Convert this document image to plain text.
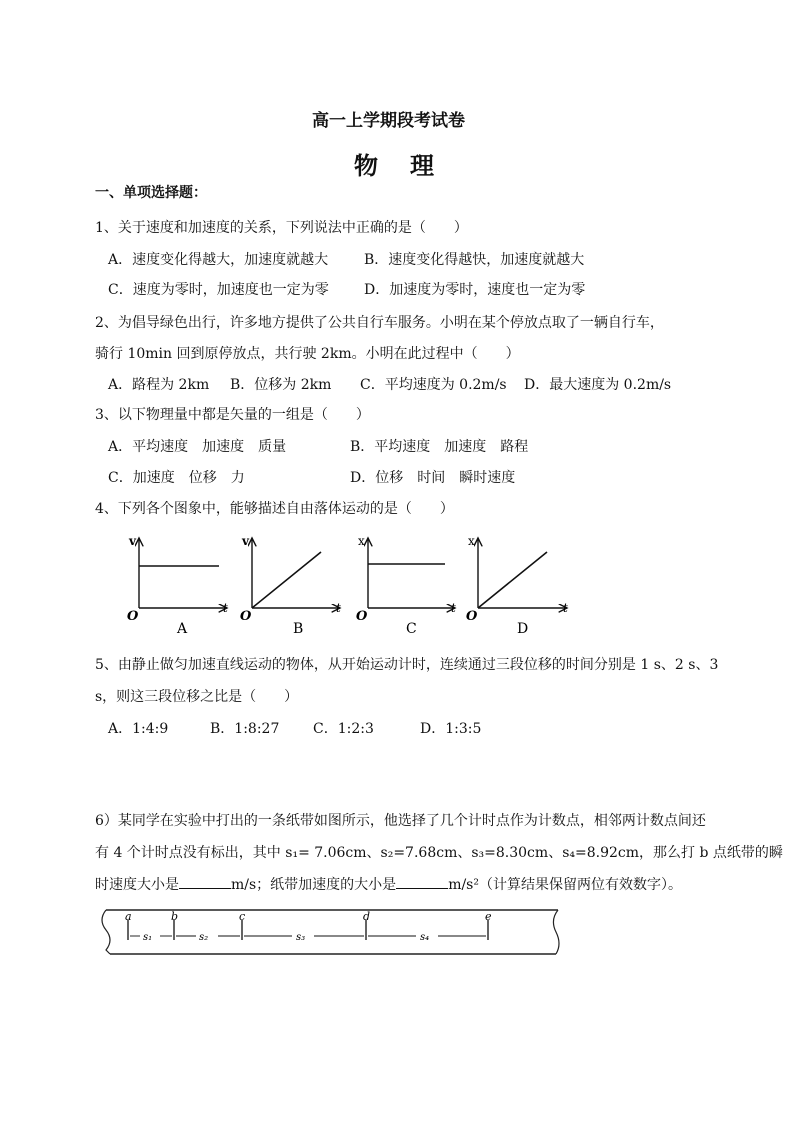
高一上学期段考试卷
物　理
一、单项选择题：
1、关于速度和加速度的关系，下列说法中正确的是（　　）
A．速度变化得越大，加速度就越大	B．速度变化得越快，加速度就越大
C．速度为零时，加速度也一定为零	D．加速度为零时，速度也一定为零
2、为倡导绿色出行，许多地方提供了公共自行车服务。小明在某个停放点取了一辆自行车，
骑行 10min 回到原停放点，共行驶 2km。小明在此过程中（　　）
A．路程为 2km B．位移为 2km C．平均速度为 0.2m/s D．最大速度为 0.2m/s
3、以下物理量中都是矢量的一组是（　　）
A．平均速度　加速度　质量	B．平均速度　加速度　路程
C．加速度　位移　力	D．位移　时间　瞬时速度
4、下列各个图象中，能够描述自由落体运动的是（　　）
v
t
O
A
v
t
O
B
x
t
O
C
x
t
O
D
5、由静止做匀加速直线运动的物体，从开始运动计时，连续通过三段位移的时间分别是 1 s、2 s、3
s，则这三段位移之比是（　　）
A．1:4:9	B．1:8:27 C．1:2:3	D．1:3:5
6）某同学在实验中打出的一条纸带如图所示，他选择了几个计时点作为计数点，相邻两计数点间还
有 4 个计时点没有标出，其中 s₁= 7.06cm、s₂=7.68cm、s₃=8.30cm、s₄=8.92cm，那么打 b 点纸带的瞬
时速度大小是	m/s；纸带加速度的大小是	m/s²（计算结果保留两位有效数字）。
a	b	c	d	e
s₁	s₂	s₃	s₄
